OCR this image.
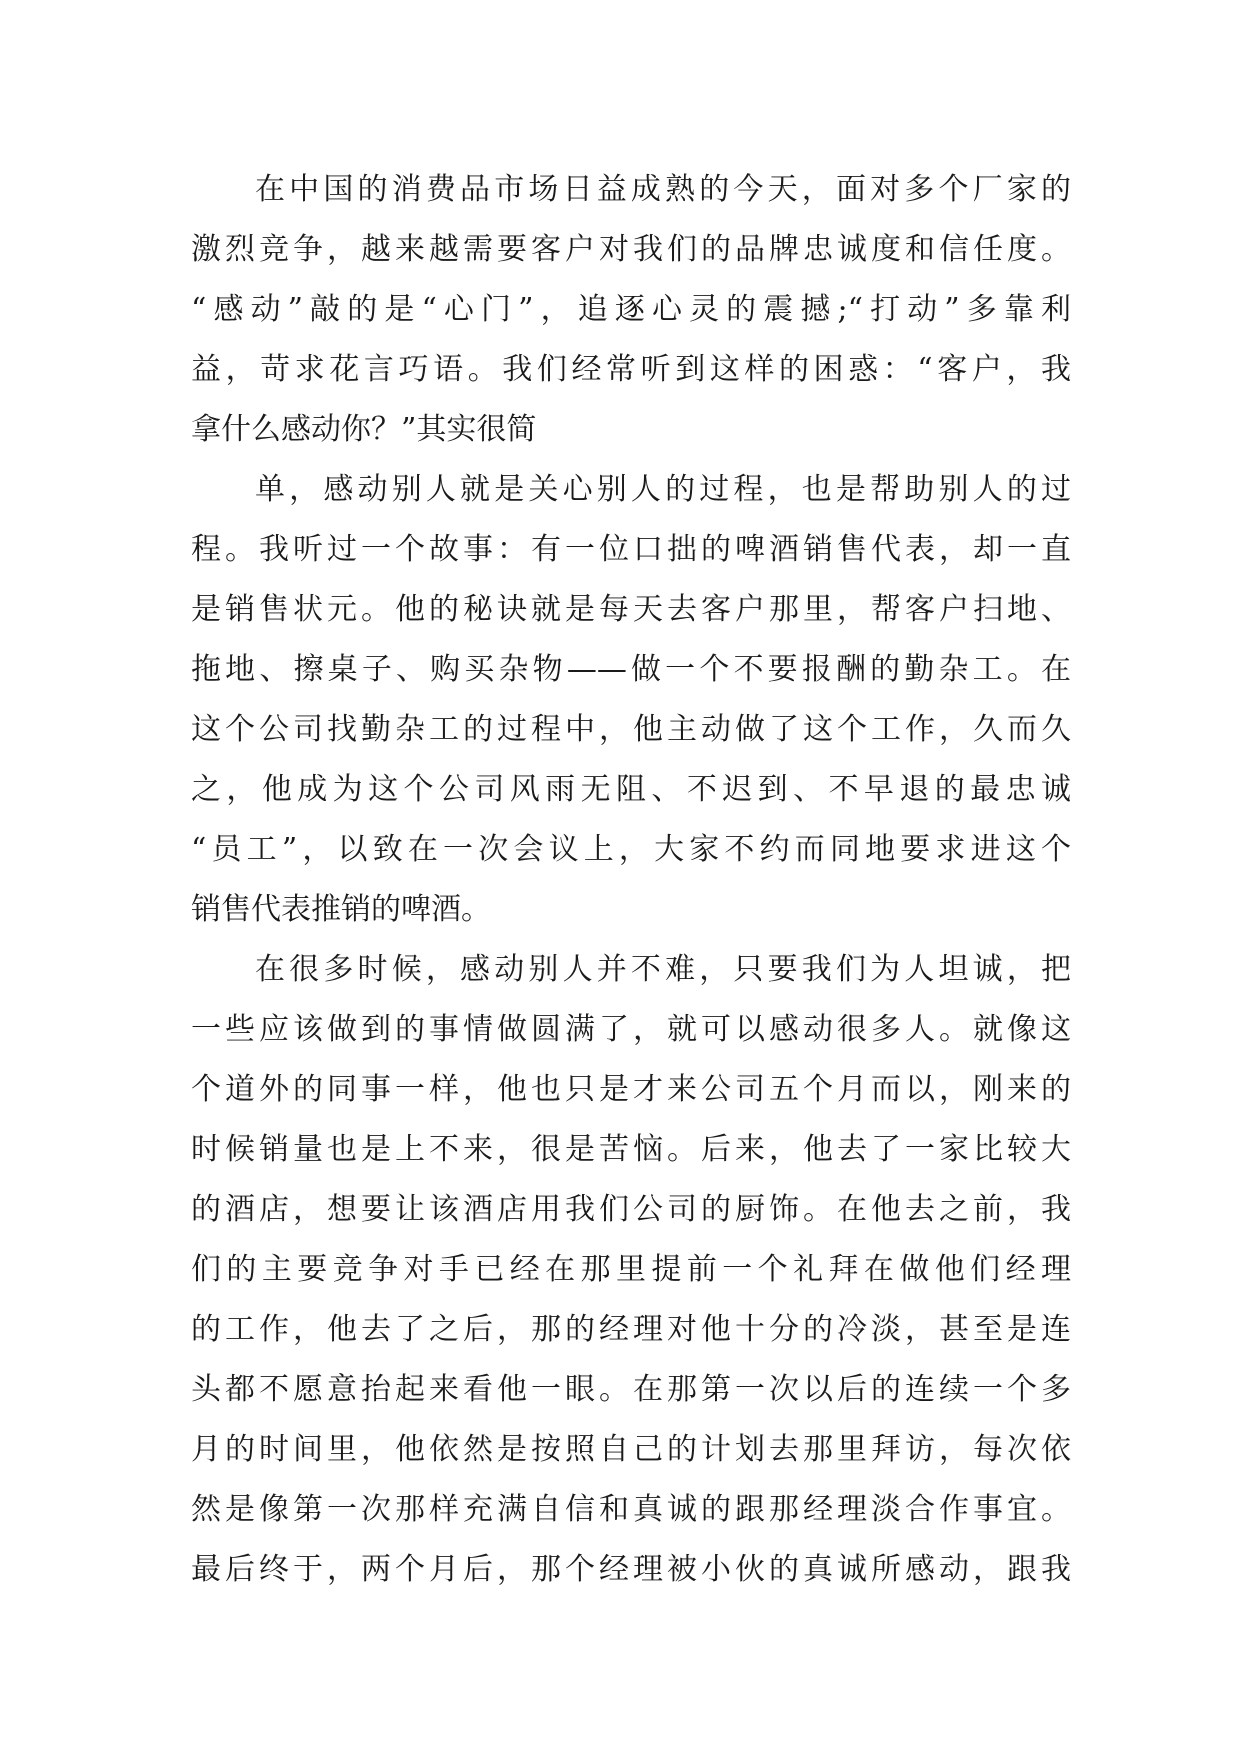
在中国的消费品市场日益成熟的今天，面对多个厂家的
激烈竞争，越来越需要客户对我们的品牌忠诚度和信任度。
“感动”敲的是“心门”，追逐心灵的震撼;“打动”多靠利
益，苛求花言巧语。我们经常听到这样的困惑：“客户，我
拿什么感动你？”其实很简
单，感动别人就是关心别人的过程，也是帮助别人的过
程。我听过一个故事：有一位口拙的啤酒销售代表，却一直
是销售状元。他的秘诀就是每天去客户那里，帮客户扫地、
拖地、擦桌子、购买杂物——做一个不要报酬的勤杂工。在
这个公司找勤杂工的过程中，他主动做了这个工作，久而久
之，他成为这个公司风雨无阻、不迟到、不早退的最忠诚
“员工”，以致在一次会议上，大家不约而同地要求进这个
销售代表推销的啤酒。
在很多时候，感动别人并不难，只要我们为人坦诚，把
一些应该做到的事情做圆满了，就可以感动很多人。就像这
个道外的同事一样，他也只是才来公司五个月而以，刚来的
时候销量也是上不来，很是苦恼。后来，他去了一家比较大
的酒店，想要让该酒店用我们公司的厨饰。在他去之前，我
们的主要竞争对手已经在那里提前一个礼拜在做他们经理
的工作，他去了之后，那的经理对他十分的冷淡，甚至是连
头都不愿意抬起来看他一眼。在那第一次以后的连续一个多
月的时间里，他依然是按照自己的计划去那里拜访，每次依
然是像第一次那样充满自信和真诚的跟那经理淡合作事宜。
最后终于，两个月后，那个经理被小伙的真诚所感动，跟我
